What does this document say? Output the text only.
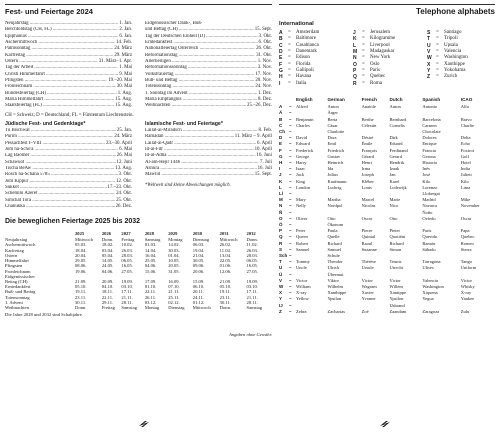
Fest- und Feiertage 2024
Neujahrstag .....	1. Jan.
Berchtoldstag (CH, FL) .....	2. Jan.
Epiphanias .....	6. Jan.
Aschermittwoch .....	14. Feb.
Palmsonntag .....	24. März
Karfreitag .....	29. März
Ostern .....	31. März–1. Apr.
Tag der Arbeit .....	1. Mai
Christi Himmelfahrt .....	9. Mai
Pfingsten .....	19.–20. Mai
Fronleichnam .....	30. Mai
Bundesfeiertag (CH) .....	1. Aug.
Mariä Himmelfahrt .....	15. Aug.
Staatsfeiertag (FL) .....	15. Aug.
Eidgenössischer Dank-, Buß-
und Bettag (CH) .....	15. Sept.
Tag der Deutschen Einheit (D) .....	3. Okt.
Erntedankfest .....	6. Okt.
Nationalfeiertag Österreich .....	26. Okt.
Reformationstag .....	31. Okt.
Allerheiligen .....	1. Nov.
Reformationssonntag .....	3. Nov.
Volkstrauertag .....	17. Nov.
Buß- und Bettag .....	20. Nov.
Totensonntag .....	24. Nov.
1. Sonntag im Advent .....	1. Dez.
Mariä Empfängnis .....	8. Dez.
Weihnachten .....	25.–26. Dez.
CH = Schweiz; D = Deutschland; FL = Fürstentum Liechtenstein.
Jüdische Fest- und Gedenktage*
Tu Bischwat .....	25. Jan.
Purim .....	24. März
Pessachfest I–VIII .....	23.–30. April
Jom ha-Scho'a .....	6. Mai
Lag Baomer .....	26. Mai
Schawuot .....	12. Juni
Tischa BeAw .....	13. Aug.
Rosch ha-Schana 5785 .....	3. Okt.
Jom Kippur .....	12. Okt.
Sukkot .....	17.–23. Okt.
Schemini Azeret .....	24. Okt.
Simchat Tora .....	25. Okt.
Chanukka .....	26. Dez.
Islamische Fest- und Feiertage*
Lailat-al-Miradsch .....	8. Feb.
Ramadan .....	11. März – 9. April
Lailat-al-Qadr .....	6. April
Id-al-Fitr .....	10. April
Id-al-Adha .....	16. Juni
Al-am-Hejir 1446 .....	7. Juli
Ashura .....	16. Juli
Mawlid .....	15. Sept.
*Weltweit sind kleine Abweichungen möglich.
Die beweglichen Feiertage 2025 bis 2032
	2025	2026	2027	2028	2029	2030	2031	2032
Neujahrstag	Mittwoch	Donn.	Freitag	Samstag	Montag	Dienstag	Mittwoch	Donn.
Aschermittwoch	05.03.	18.02.	10.02.	01.03.	14.02.	06.03.	26.02.	11.02.
Karfreitag	18.04.	03.04.	26.03.	14.04.	30.03.	19.04.	11.04.	26.03.
Ostern	20.04.	05.04.	28.03.	16.04.	01.04.	21.04.	13.04.	28.03.
Himmelfahrt	29.05.	14.05.	06.05.	25.05.	10.05.	30.05.	22.05.	06.05.
Pfingsten	08.06.	24.05.	16.05.	04.06.	20.05.	09.06.	01.06.	16.05.
Fronleichnam	19.06.	04.06.	27.05.	15.06.	31.05.	20.06.	12.06.	27.05.
Eidgenössischer								
Bettag (CH)	21.09.	20.09.	19.09.	17.09.	16.09.	15.09.	21.09.	19.09.
Erntedankfest	05.10.	04.10.	03.10.	01.10.	07.10.	06.10.	05.10.	03.10.
Buß- und Bettag	19.11.	18.11.	17.11.	22.11.	21.11.	20.11.	19.11.	17.11.
Totensonntag	23.11.	22.11.	21.11.	26.11.	25.11.	24.11.	23.11.	21.11.
1. Advent	30.11.	29.11.	28.11.	03.12.	02.12.	01.12.	30.11.	28.11.
Weihnachten	Donn.	Freitag	Samstag	Montag	Dienstag	Mittwoch	Donn.	Samstag
Die Jahre 2028 und 2032 sind Schaltjahre.
Angaben ohne Gewähr.
Telephone alphabets
International
A	=	Amsterdam
B	=	Baltimore
C	=	Casablanca
D	=	Danemark
E	=	Edison
F	=	Florida
G	=	Gallipoli
H	=	Havana
I	=	Italia
J	=	Jerusalem
K	=	Kilogramme
L	=	Liverpool
M =	Madagaskar
N	=	New York
O	=	Oslo
P	=	Paris
Q	=	Quebec
R	=	Roma
S	=	Santiago
T	=	Tripoli
U	=	Upsala
V	=	Valencia
W =	Washington
X	=	Xanthippe
Y	=	Yokohama
Z	=	Zurich
		English	German	French	Dutch	Spanish	ICAO
A	=	Alfred	Anton	Anatole	Anton	Antonio	Alfa
Ä	=		Ärger				
B	=	Benjamin	Berta	Berthe	Bernhard	Barcelona	Bravo
C	=	Charles	Cäsar	Célestin	Cornelis	Carmen	Charlie
Ch	=		Charlotte			Chocolate	
D	=	David	Dora	Désiré	Dirk	Dolores	Delta
E	=	Edward	Emil	Émile	Eduard	Enrique	Echo
F	=	Frederick	Friedrich	François	Ferdinand	Francia	Foxtrot
G	=	George	Gustav	Gérard	Gerard	Gerona	Golf
H	=	Harry	Heinrich	Henri	Hendrik	Historia	Hotel
I	=	Isaac	Ida	Irma	Izaak	Inés	India
J	=	Jack	Julius	Joseph	Jan	José	Juliett
K	=	King	Kaufmann	Kléber	Karel	Kilo	Kilo
L	=	London	Ludwig	Louis	Lodewijk	Lorenzo	Lima
Ll	=					Llobregat	
M	=	Mary	Martha	Marcel	Marie	Madrid	Mike
N	=	Nelly	Nordpol	Nicolas	Nico	Navarra	November
Ñ	=					Ñoño	
O	=	Oliver	Otto	Oscar	Otto	Oviedo	Oscar
Ö	=		Ökonom				
P	=	Peter	Paula	Pierre	Pieter	París	Papa
Q	=	Queen	Quelle	Quintal	Quotiënt	Querida	Quebec
R	=	Robert	Richard	Raoul	Richard	Ramón	Romeo
S	=	Samuel	Samuel	Suzanne	Simon	Sábado	Sierra
Sch	=		Schule				
T	=	Tommy	Theodor	Thérèse	Teunis	Tarragona	Tango
U	=	Uncle	Ulrich	Ursule	Utrecht	Ulises	Uniform
Ü	=		Übermut				
V	=	Victor	Viktor	Victor	Victor	Valencia	Victor
W	=	William	Wilhelm	Wagram	Willem	Washington	Whisky
X	=	X-ray	Xanthippe	Xavier	Xantippe	Xiquena	X-ray
Y	=	Yellow	Ypsilon	Yvonne	Ypsilon	Yegua	Yankee
IJ	=				IJsbrand		
Z	=	Zebra	Zacharias	Zoé	Zaandam	Zaragoza	Zulu
